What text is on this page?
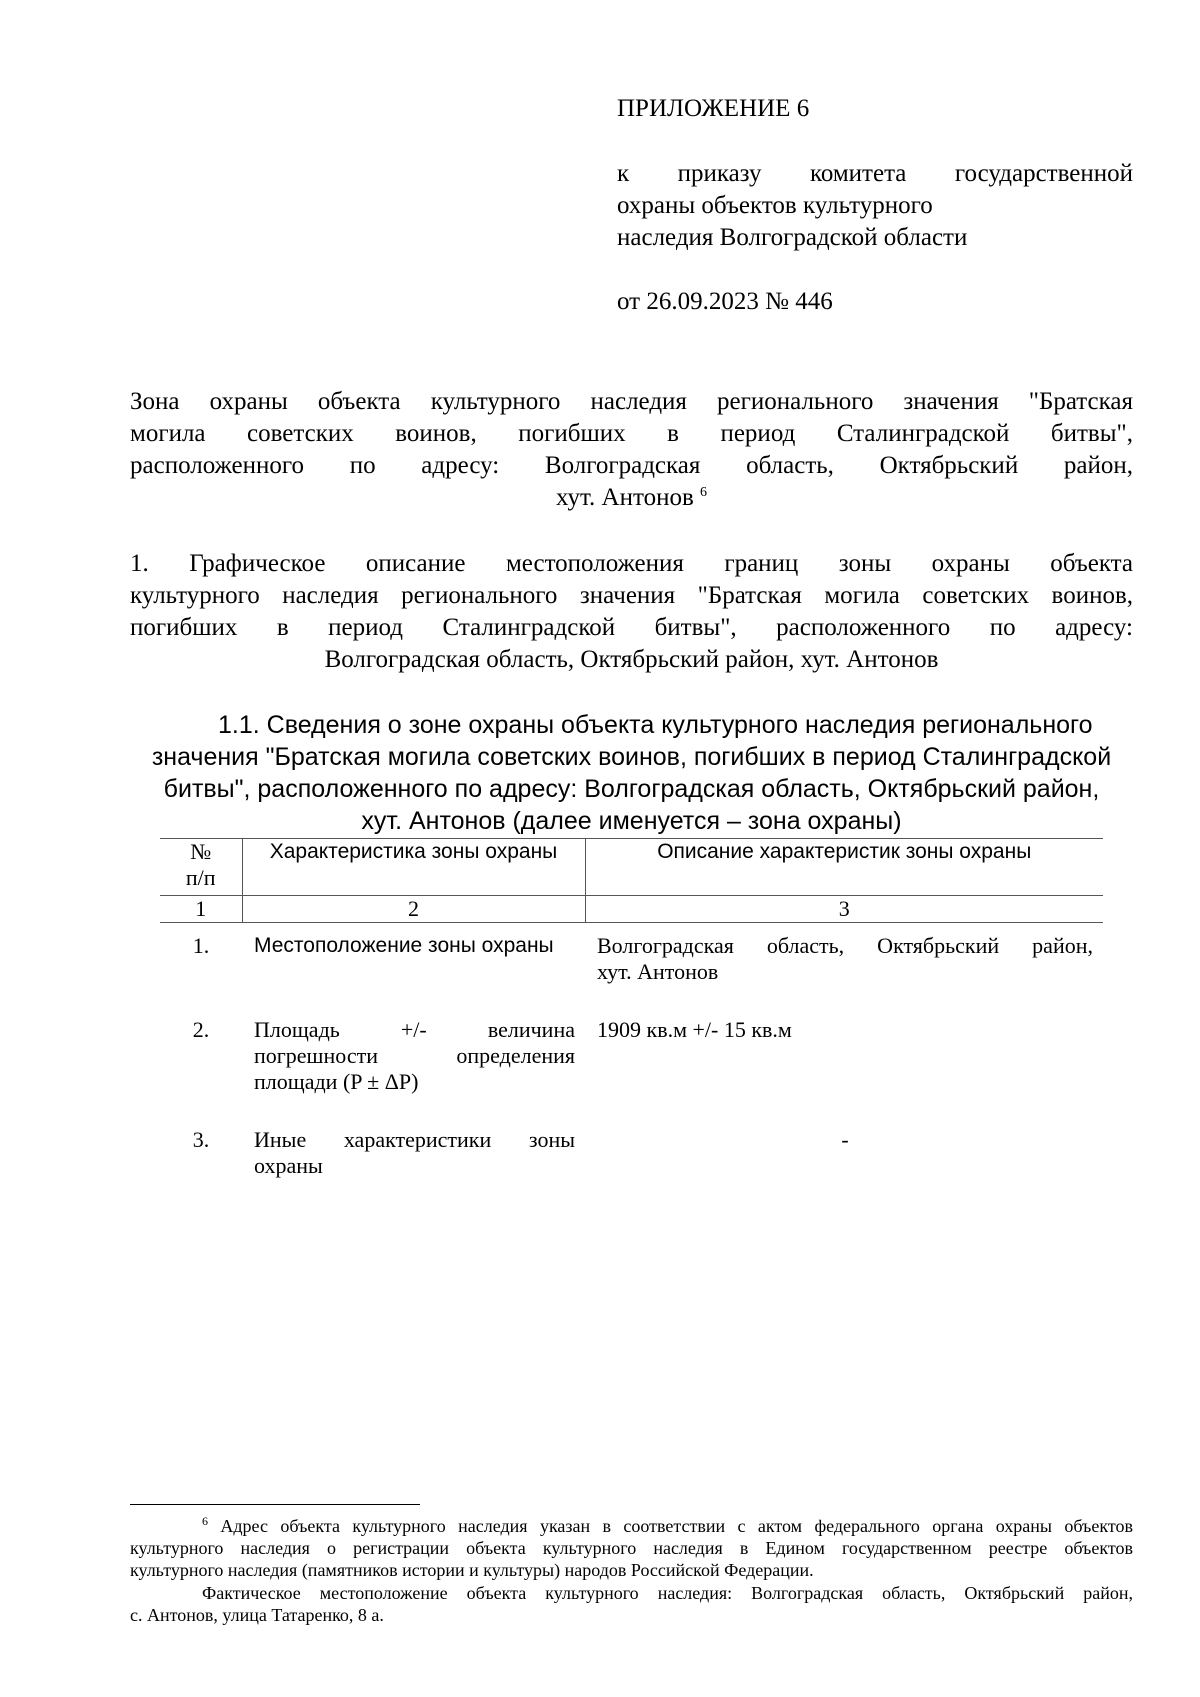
ПРИЛОЖЕНИЕ 6
к приказу комитета государственной
охраны объектов культурного
наследия Волгоградской области
от 26.09.2023 № 446
Зона охраны объекта культурного наследия регионального значения "Братская
могила советских воинов, погибших в период Сталинградской битвы",
расположенного по адресу: Волгоградская область, Октябрьский район,
хут. Антонов $^6$
1. Графическое описание местоположения границ зоны охраны объекта
культурного наследия регионального значения "Братская могила советских воинов,
погибших в период Сталинградской битвы", расположенного по адресу:
Волгоградская область, Октябрьский район, хут. Антонов
1.1. Сведения о зоне охраны объекта культурного наследия регионального
значения "Братская могила советских воинов, погибших в период Сталинградской
битвы", расположенного по адресу: Волгоградская область, Октябрьский район,
хут. Антонов (далее именуется – зона охраны)
№
п/п	Характеристика зоны охраны	Описание характеристик зоны охраны
1	2	3
1.	Местоположение зоны охраны	Волгоградская область, Октябрьский район,
хут. Антонов

2.	Площадь +/- величина
погрешности определения
площади (P ± ΔP)	1909 кв.м +/- 15 кв.м
3.	Иные характеристики зоны
охраны	-
$^6$ Адрес объекта культурного наследия указан в соответствии с актом федерального органа охраны объектов
культурного наследия о регистрации объекта культурного наследия в Едином государственном реестре объектов
культурного наследия (памятников истории и культуры) народов Российской Федерации.
Фактическое местоположение объекта культурного наследия: Волгоградская область, Октябрьский район,
с. Антонов, улица Татаренко, 8 а.
